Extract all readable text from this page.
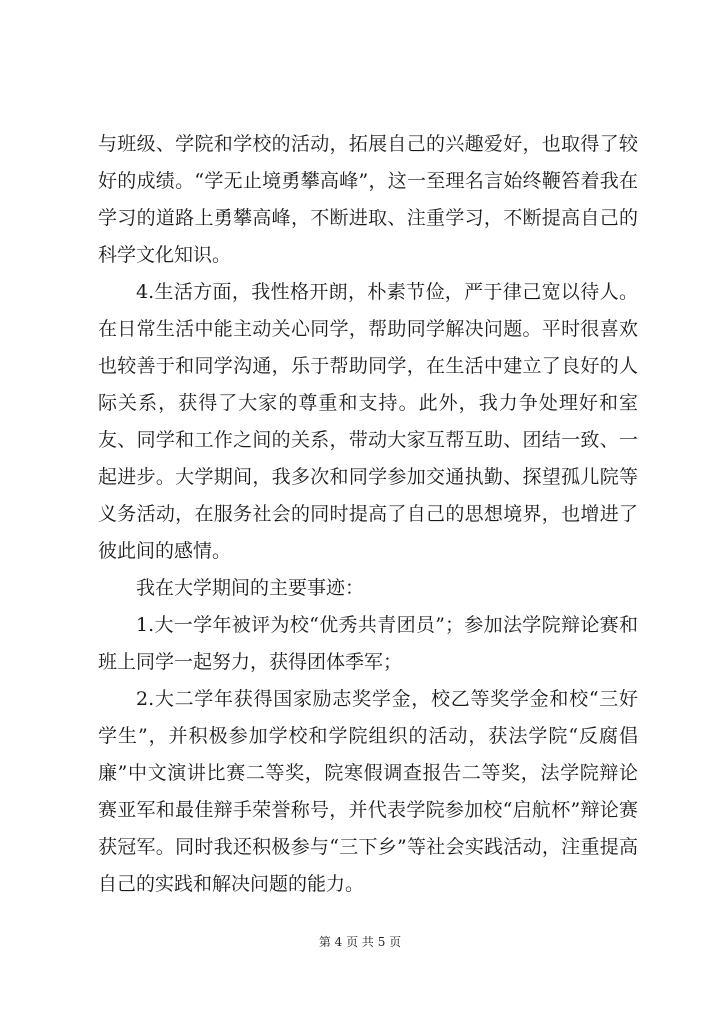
与班级、学院和学校的活动，拓展自己的兴趣爱好，也取得了较好的成绩。“学无止境勇攀高峰”，这一至理名言始终鞭笞着我在学习的道路上勇攀高峰，不断进取、注重学习，不断提高自己的科学文化知识。

4.生活方面，我性格开朗，朴素节俭，严于律己宽以待人。在日常生活中能主动关心同学，帮助同学解决问题。平时很喜欢也较善于和同学沟通，乐于帮助同学，在生活中建立了良好的人际关系，获得了大家的尊重和支持。此外，我力争处理好和室友、同学和工作之间的关系，带动大家互帮互助、团结一致、一起进步。大学期间，我多次和同学参加交通执勤、探望孤儿院等义务活动，在服务社会的同时提高了自己的思想境界，也增进了彼此间的感情。

我在大学期间的主要事迹：

1.大一学年被评为校“优秀共青团员”；参加法学院辩论赛和班上同学一起努力，获得团体季军；

2.大二学年获得国家励志奖学金，校乙等奖学金和校“三好学生”，并积极参加学校和学院组织的活动，获法学院“反腐倡廉”中文演讲比赛二等奖，院寒假调查报告二等奖，法学院辩论赛亚军和最佳辩手荣誉称号，并代表学院参加校“启航杯”辩论赛获冠军。同时我还积极参与“三下乡”等社会实践活动，注重提高自己的实践和解决问题的能力。

第 4 页 共 5 页
